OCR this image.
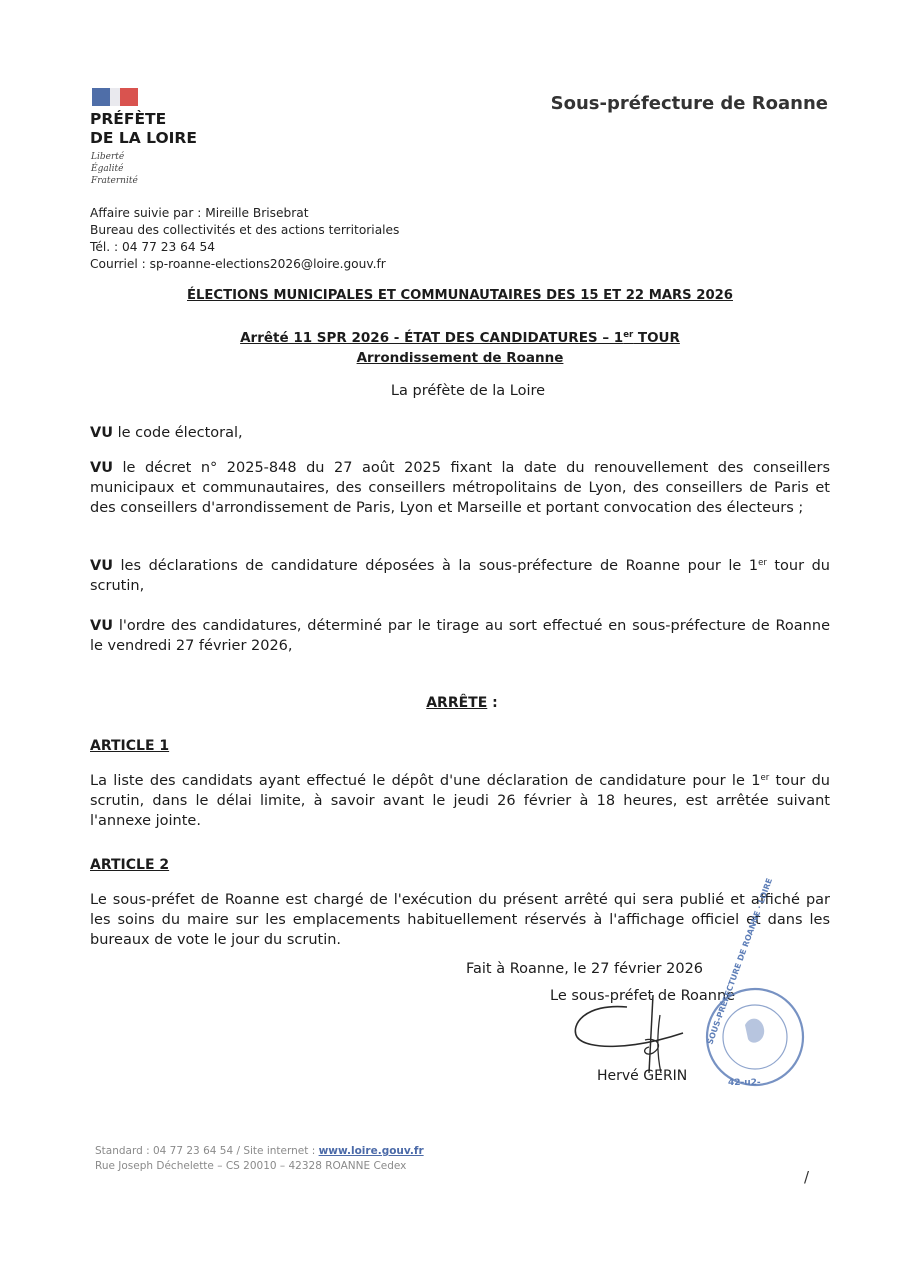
PRÉFÈTE
DE LA LOIRE
Liberté
Égalité
Fraternité
Sous-préfecture de Roanne
Affaire suivie par : Mireille Brisebrat
Bureau des collectivités et des actions territoriales
Tél. : 04 77 23 64 54
Courriel : sp-roanne-elections2026@loire.gouv.fr
ÉLECTIONS MUNICIPALES ET COMMUNAUTAIRES DES 15 ET 22 MARS 2026
Arrêté 11 SPR 2026 - ÉTAT DES CANDIDATURES – 1er TOUR
Arrondissement de Roanne
La préfète de la Loire
VU le code électoral,
VU le décret n° 2025-848 du 27 août 2025 fixant la date du renouvellement des conseillers municipaux et communautaires, des conseillers métropolitains de Lyon, des conseillers de Paris et des conseillers d'arrondissement de Paris, Lyon et Marseille et portant convocation des électeurs ;
VU les déclarations de candidature déposées à la sous-préfecture de Roanne pour le 1er tour du scrutin,
VU l'ordre des candidatures, déterminé par le tirage au sort effectué en sous-préfecture de Roanne le vendredi 27 février 2026,
ARRÊTE :
ARTICLE 1
La liste des candidats ayant effectué le dépôt d'une déclaration de candidature pour le 1er tour du scrutin, dans le délai limite, à savoir avant le jeudi 26 février à 18 heures, est arrêtée suivant l'annexe jointe.
ARTICLE 2
Le sous-préfet de Roanne est chargé de l'exécution du présent arrêté qui sera publié et affiché par les soins du maire sur les emplacements habituellement réservés à l'affichage officiel et dans les bureaux de vote le jour du scrutin.
Fait à Roanne, le 27 février 2026
Le sous-préfet de Roanne
SOUS-PRÉFECTURE DE ROANNE · LOIRE
42-u2-
Hervé GERIN
Standard : 04 77 23 64 54 / Site internet : www.loire.gouv.fr
Rue Joseph Déchelette – CS 20010 – 42328 ROANNE Cedex
/
